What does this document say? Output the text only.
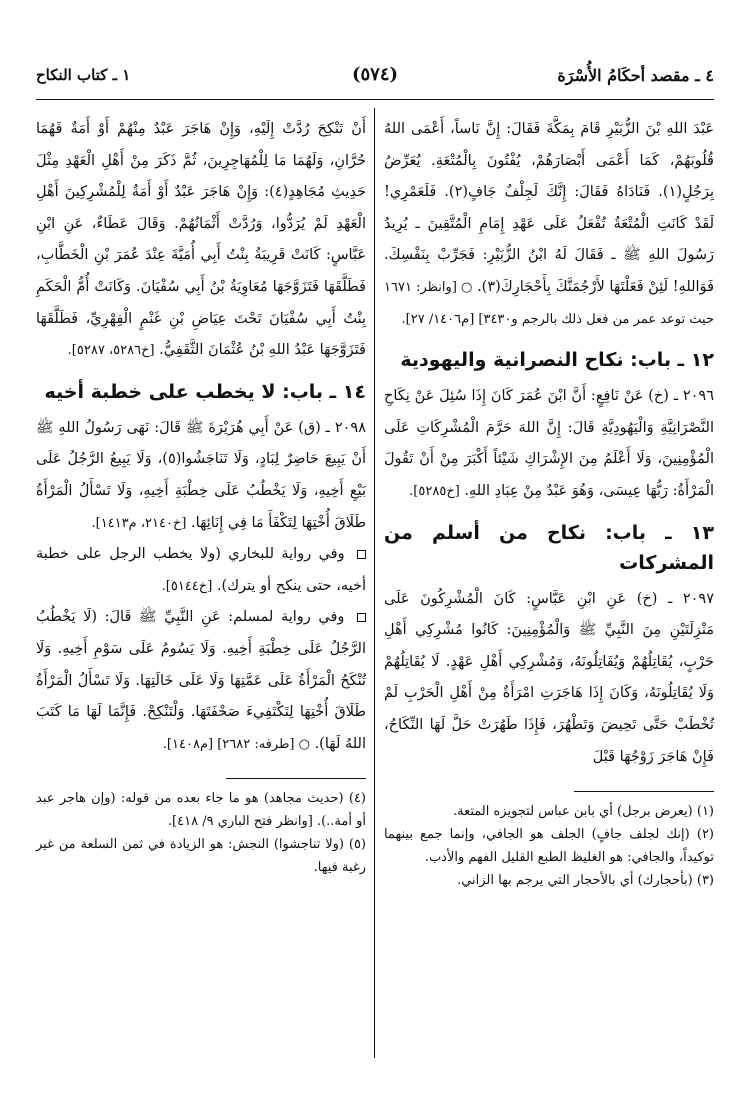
٤ ـ مقصد أحكَامُ الأُسْرَة
(٥٧٤)
١ ـ كتاب النكاح

عَبْدَ اللهِ بْنَ الزُّبَيْرِ قَامَ بِمَكَّةَ فَقَالَ: إِنَّ نَاساً، أَعْمَى اللهُ قُلُوبَهُمْ، كَمَا أَعْمَى أَبْصَارَهُمْ، يُفْتُونَ بِالْمُتْعَةِ. يُعَرِّضُ بِرَجُلٍ(١). فَنَادَاهُ فَقَالَ: إِنَّكَ لَجِلْفٌ جَافٍ(٢). فَلَعَمْرِي! لَقَدْ كَانَتِ الْمُتْعَةُ تُفْعَلُ عَلَى عَهْدِ إِمَامِ الْمُتَّقِينَ ـ يُرِيدُ رَسُولَ اللهِ ﷺ ـ فَقَالَ لَهُ ابْنُ الزُّبَيْرِ: فَجَرِّبْ بِنَفْسِكَ. فَوَاللهِ! لَئِنْ فَعَلْتَهَا لأَرْجُمَنَّكَ بِأَحْجَارِكَ(٣). ○ [وانظر: ١٦٧١ حيث توعد عمر من فعل ذلك بالرجم و٣٤٣٠] [م١٤٠٦/ ٢٧].

١٢ ـ باب: نكاح النصرانية واليهودية

٢٠٩٦ ـ (خ) عَنْ نَافِعٍ: أَنَّ ابْنَ عُمَرَ كَانَ إِذَا سُئِلَ عَنْ نِكَاحِ النَّصْرَانِيَّةِ وَالْيَهُودِيَّةِ قَالَ: إِنَّ اللهَ حَرَّمَ الْمُشْرِكَاتِ عَلَى الْمُؤْمِنِينَ، وَلَا أَعْلَمُ مِنَ الإِشْرَاكِ شَيْئاً أَكْبَرَ مِنْ أَنْ تَقُولَ الْمَرْأَةُ: رَبُّهَا عِيسَى، وَهُوَ عَبْدٌ مِنْ عِبَادِ اللهِ. [خ٥٢٨٥].

١٣ ـ باب: نكاح من أسلم من المشركات

٢٠٩٧ ـ (خ) عَنِ ابْنِ عَبَّاسٍ: كَانَ الْمُشْرِكُونَ عَلَى مَنْزِلَتَيْنِ مِنَ النَّبِيِّ ﷺ وَالْمُؤْمِنِينَ: كَانُوا مُشْرِكِي أَهْلِ حَرْبٍ، يُقَاتِلُهُمْ وَيُقَاتِلُونَهُ، وَمُشْرِكِي أَهْلِ عَهْدٍ. لَا يُقَاتِلُهُمْ وَلَا يُقَاتِلُونَهُ، وَكَانَ إِذَا هَاجَرَتِ امْرَأَةٌ مِنْ أَهْلِ الْحَرْبِ لَمْ تُخْطَبْ حَتَّى تَحِيضَ وَتَطْهُرَ، فَإِذَا طَهُرَتْ حَلَّ لَهَا النِّكَاحُ، فَإِنْ هَاجَرَ زَوْجُهَا قَبْلَ

(١) (يعرض برجل) أي بابن عباس لتجويزه المتعة.

(٢) (إنك لجلف جافٍ) الجلف هو الجافي، وإنما جمع بينهما توكيداً، والجافي: هو الغليظ الطبع القليل الفهم والأدب.

(٣) (بأحجارك) أي بالأحجار التي يرجم بها الزاني.

أَنْ تَنْكِحَ رُدَّتْ إِلَيْهِ، وَإِنْ هَاجَرَ عَبْدٌ مِنْهُمْ أَوْ أَمَةٌ فَهُمَا حُرَّانِ، وَلَهُمَا مَا لِلْمُهَاجِرِينَ، ثُمَّ ذَكَرَ مِنْ أَهْلِ الْعَهْدِ مِثْلَ حَدِيثِ مُجَاهِدٍ(٤): وَإِنْ هَاجَرَ عَبْدٌ أَوْ أَمَةٌ لِلْمُشْرِكِينَ أَهْلِ الْعَهْدِ لَمْ يُرَدُّوا، وَرُدَّتْ أَثْمَانُهُمْ. وَقَالَ عَطَاءٌ، عَنِ ابْنِ عَبَّاسٍ: كَانَتْ قَرِيبَةُ بِنْتُ أَبِي أُمَيَّةَ عِنْدَ عُمَرَ بْنِ الْخَطَّابِ، فَطَلَّقَهَا فَتَزَوَّجَهَا مُعَاوِيَةُ بْنُ أَبِي سُفْيَانَ. وَكَانَتْ أُمُّ الْحَكَمِ بِنْتُ أَبِي سُفْيَانَ تَحْتَ عِيَاضِ بْنِ غَنْمٍ الْفِهْرِيِّ، فَطَلَّقَهَا فَتَزَوَّجَهَا عَبْدُ اللهِ بْنُ عُثْمَانَ الثَّقَفِيُّ. [خ٥٢٨٦، ٥٢٨٧].

١٤ ـ باب: لا يخطب على خطبة أخيه

٢٠٩٨ ـ (ق) عَنْ أَبِي هُرَيْرَةَ ﷺ قَالَ: نَهَى رَسُولُ اللهِ ﷺ أَنْ يَبِيعَ حَاضِرٌ لِبَادٍ، وَلَا تَنَاجَشُوا(٥)، وَلَا يَبِيعُ الرَّجُلُ عَلَى بَيْعِ أَخِيهِ، وَلَا يَخْطُبُ عَلَى خِطْبَةِ أَخِيهِ، وَلَا تَسْأَلُ الْمَرْأَةُ طَلَاقَ أُخْتِهَا لِتَكْفَأَ مَا فِي إِنَائِهَا. [خ٢١٤٠، م١٤١٣].

وفي رواية للبخاري (ولا يخطب الرجل على خطبة أخيه، حتى ينكح أو يترك). [خ٥١٤٤].

وفي رواية لمسلم: عَنِ النَّبِيِّ ﷺ قَالَ: (لَا يَخْطُبُ الرَّجُلُ عَلَى خِطْبَةِ أَخِيهِ. وَلَا يَسُومُ عَلَى سَوْمِ أَخِيهِ. وَلَا تُنْكَحُ الْمَرْأَةُ عَلَى عَمَّتِهَا وَلَا عَلَى خَالَتِهَا. وَلَا تَسْأَلُ الْمَرْأَةُ طَلَاقَ أُخْتِهَا لِتَكْتَفِيءَ صَحْفَتَهَا. وَلْتَنْكِحْ. فَإِنَّمَا لَهَا مَا كَتَبَ اللهُ لَهَا). ○ [طرفه: ٢٦٨٢] [م١٤٠٨].

(٤) (حديث مجاهد) هو ما جاء بعده من قوله: (وإن هاجر عبد أو أمة..). [وانظر فتح الباري ٩/ ٤١٨].

(٥) (ولا تناجشوا) النجش: هو الزيادة في ثمن السلعة من غير رغبة فيها.
